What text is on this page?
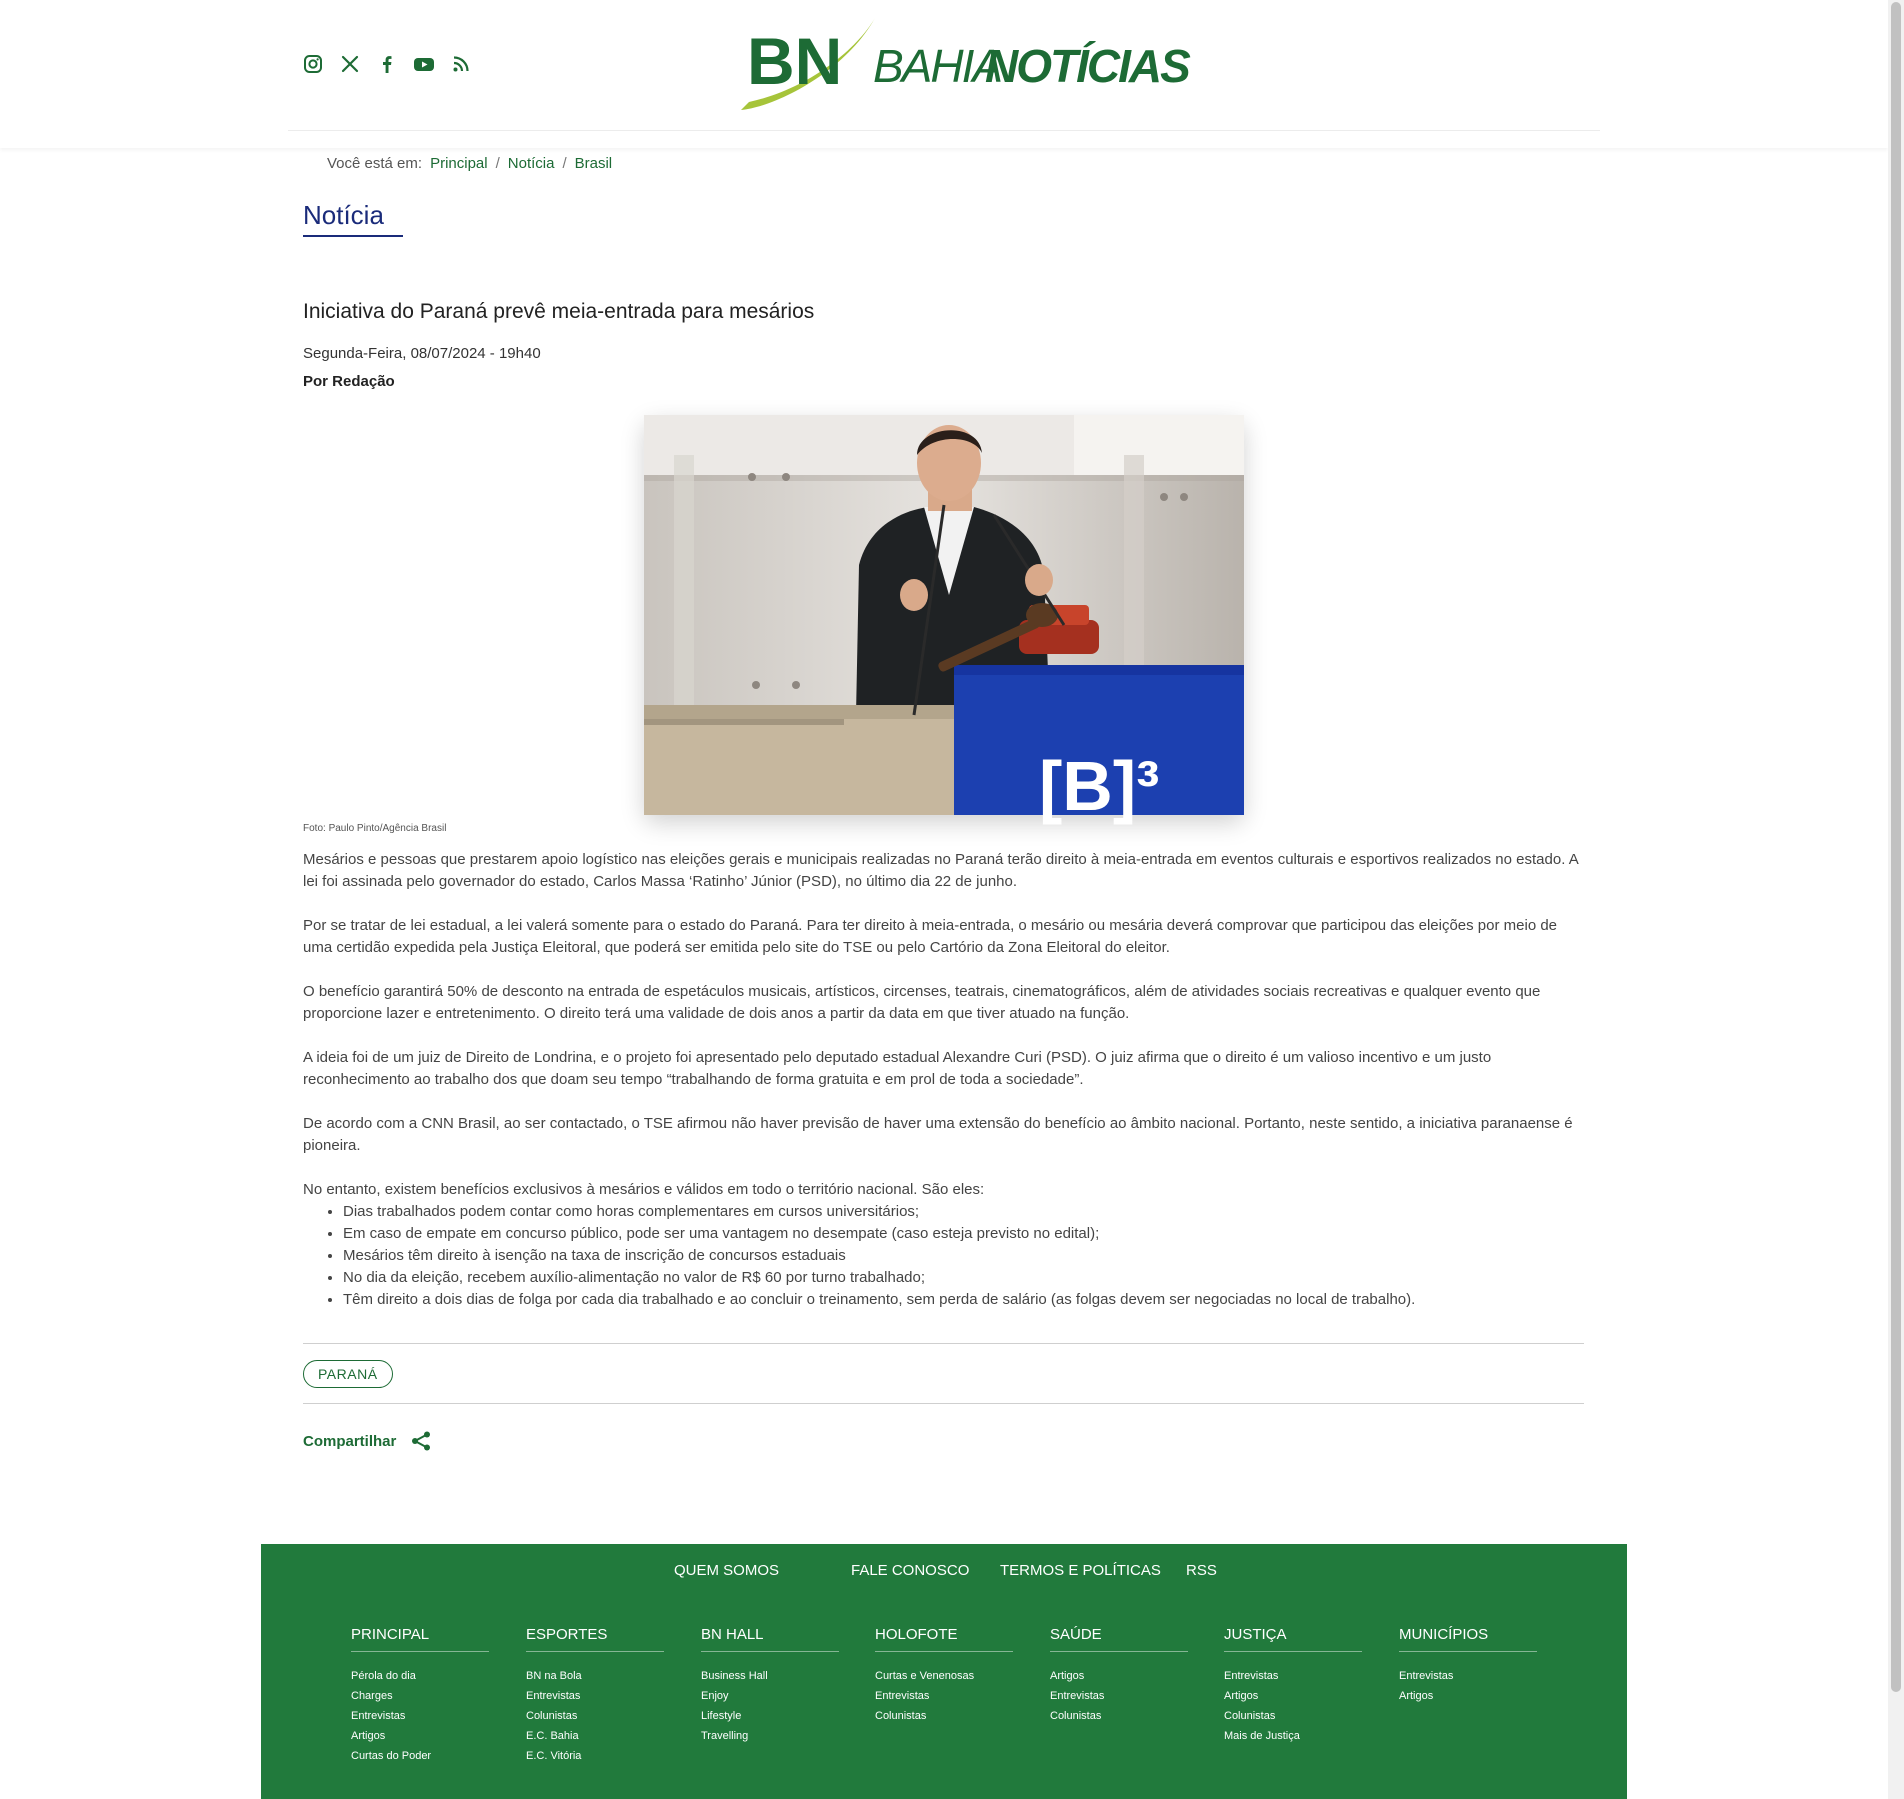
BN BAHIA
NOTÍCIAS
Você está em: Principal / Notícia / Brasil
Notícia
Iniciativa do Paraná prevê meia-entrada para mesários
Segunda-Feira, 08/07/2024 - 19h40
Por Redação
[B]³
Foto: Paulo Pinto/Agência Brasil

Mesários e pessoas que prestarem apoio logístico nas eleições gerais e municipais realizadas no Paraná terão direito à meia-entrada em eventos culturais e esportivos realizados no estado. A lei foi assinada pelo governador do estado, Carlos Massa ‘Ratinho’ Júnior (PSD), no último dia 22 de junho.

Por se tratar de lei estadual, a lei valerá somente para o estado do Paraná. Para ter direito à meia-entrada, o mesário ou mesária deverá comprovar que participou das eleições por meio de uma certidão expedida pela Justiça Eleitoral, que poderá ser emitida pelo site do TSE ou pelo Cartório da Zona Eleitoral do eleitor.

O benefício garantirá 50% de desconto na entrada de espetáculos musicais, artísticos, circenses, teatrais, cinematográficos, além de atividades sociais recreativas e qualquer evento que proporcione lazer e entretenimento. O direito terá uma validade de dois anos a partir da data em que tiver atuado na função.

A ideia foi de um juiz de Direito de Londrina, e o projeto foi apresentado pelo deputado estadual Alexandre Curi (PSD). O juiz afirma que o direito é um valioso incentivo e um justo reconhecimento ao trabalho dos que doam seu tempo “trabalhando de forma gratuita e em prol de toda a sociedade”.

De acordo com a CNN Brasil, ao ser contactado, o TSE afirmou não haver previsão de haver uma extensão do benefício ao âmbito nacional. Portanto, neste sentido, a iniciativa paranaense é pioneira.

No entanto, existem benefícios exclusivos à mesários e válidos em todo o território nacional. São eles:

• Dias trabalhados podem contar como horas complementares em cursos universitários;
• Em caso de empate em concurso público, pode ser uma vantagem no desempate (caso esteja previsto no edital);
• Mesários têm direito à isenção na taxa de inscrição de concursos estaduais
• No dia da eleição, recebem auxílio-alimentação no valor de R$ 60 por turno trabalhado;
• Têm direito a dois dias de folga por cada dia trabalhado e ao concluir o treinamento, sem perda de salário (as folgas devem ser negociadas no local de trabalho).
PARANÁ
Compartilhar
QUEM SOMOS	FALE CONOSCO TERMOS E POLÍTICAS RSS
PRINCIPAL
Pérola do dia
Charges
Entrevistas
Artigos
Curtas do Poder
ESPORTES
BN na Bola
Entrevistas
Colunistas
E.C. Bahia
E.C. Vitória
BN HALL
Business Hall
Enjoy
Lifestyle
Travelling
HOLOFOTE
Curtas e Venenosas
Entrevistas
Colunistas
SAÚDE
Artigos
Entrevistas
Colunistas
JUSTIÇA
Entrevistas
Artigos
Colunistas
Mais de Justiça
MUNICÍPIOS
Entrevistas
Artigos
